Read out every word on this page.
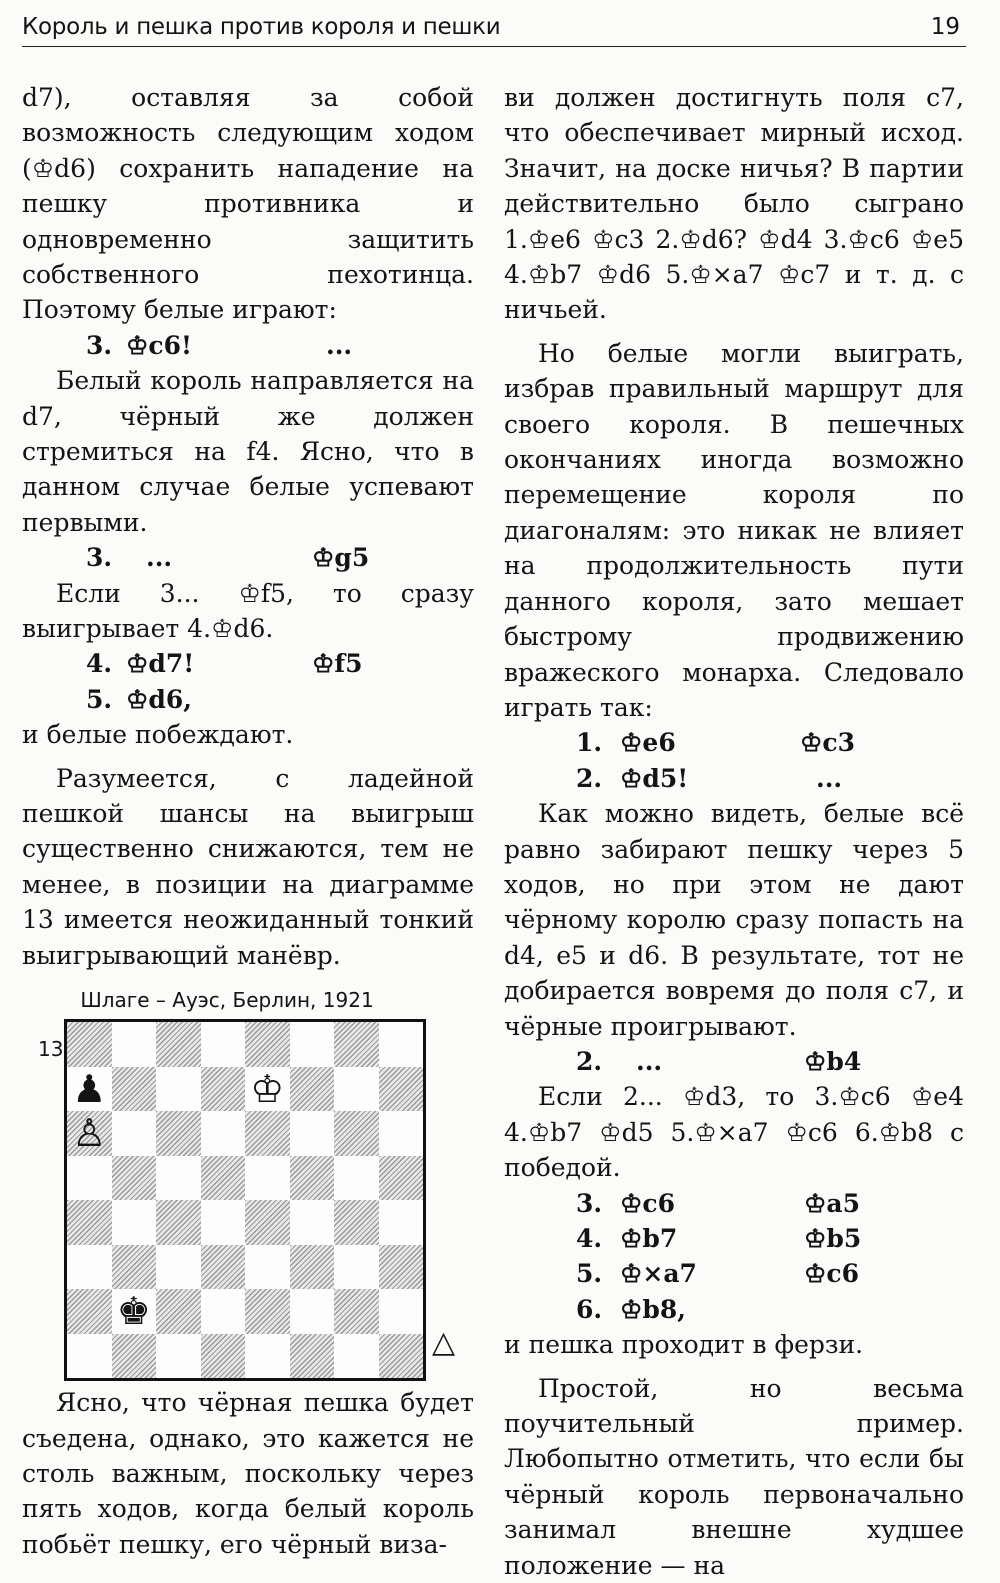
Король и пешка против короля и пешки	19

d7), оставляя за собой возможность следующим ходом (♔d6) сохранить нападение на пешку противника и одновременно защитить собственного пехотинца. Поэтому белые играют:

3. ♔c6!	...

Белый король направляется на d7, чёрный же должен стремиться на f4. Ясно, что в данном случае белые успевают первыми.

3. ...	♔g5

Если 3... ♔f5, то сразу выигрывает 4.♔d6.

4. ♔d7!	♔f5
5. ♔d6,

и белые побеждают.

Разумеется, с ладейной пешкой шансы на выигрыш существенно снижаются, тем не менее, в позиции на диаграмме 13 имеется неожиданный тонкий выигрывающий манёвр.

Шлаге – Ауэс, Берлин, 1921
13
♟	♔
♙
♚
△

Ясно, что чёрная пешка будет съедена, однако, это кажется не столь важным, поскольку через пять ходов, когда белый король побьёт пешку, его чёрный виза-

ви должен достигнуть поля c7, что обеспечивает мирный исход. Значит, на доске ничья? В партии действительно было сыграно 1.♔e6 ♔c3 2.♔d6? ♔d4 3.♔c6 ♔e5 4.♔b7 ♔d6 5.♔×a7 ♔c7 и т. д. с ничьей.

Но белые могли выиграть, избрав правильный маршрут для своего короля. В пешечных окончаниях иногда возможно перемещение короля по диагоналям: это никак не влияет на продолжительность пути данного короля, зато мешает быстрому продвижению вражеского монарха. Следовало играть так:

1. ♔e6	♔c3
2. ♔d5!	...

Как можно видеть, белые всё равно забирают пешку через 5 ходов, но при этом не дают чёрному королю сразу попасть на d4, e5 и d6. В результате, тот не добирается вовремя до поля c7, и чёрные проигрывают.

2. ...	♔b4

Если 2... ♔d3, то 3.♔c6 ♔e4 4.♔b7 ♔d5 5.♔×a7 ♔c6 6.♔b8 с победой.

3. ♔c6	♔a5
4. ♔b7	♔b5
5. ♔×a7	♔c6
6. ♔b8,

и пешка проходит в ферзи.

Простой, но весьма поучительный пример. Любопытно отметить, что если бы чёрный король первоначально занимал внешне худшее положение — на
